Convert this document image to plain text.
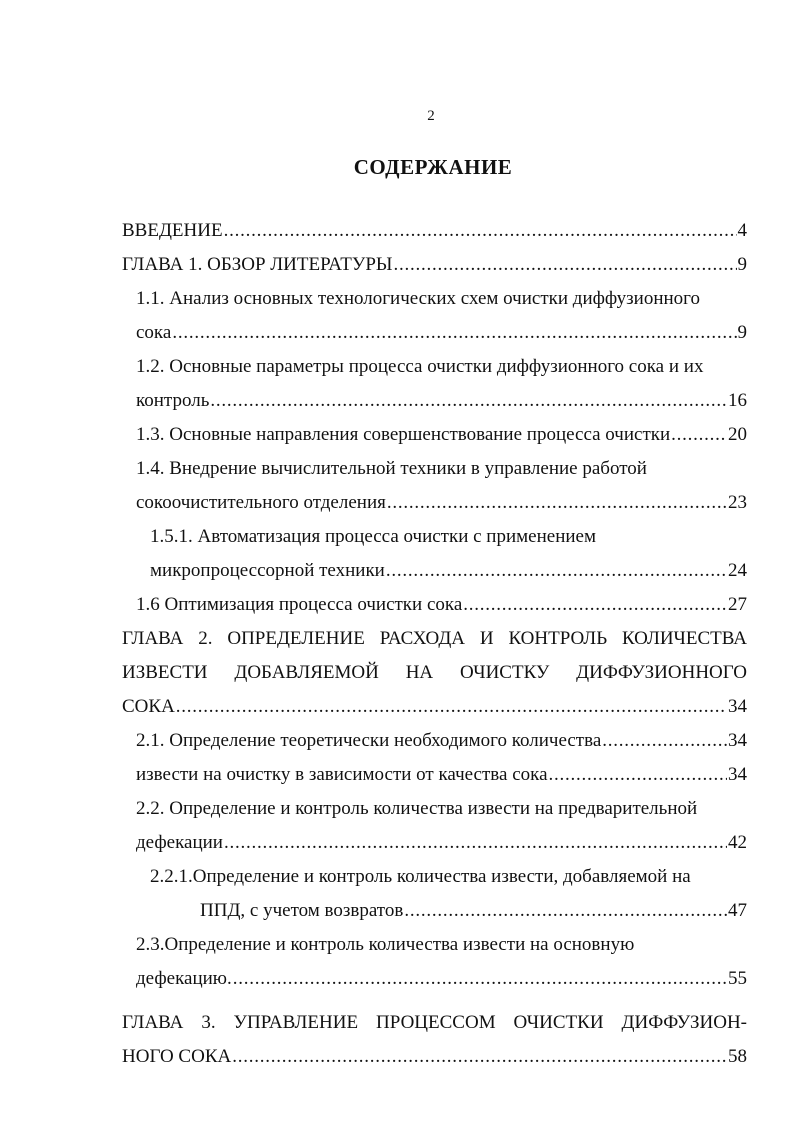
2
СОДЕРЖАНИЕ
ВВЕДЕНИЕ . . .	4
ГЛАВА 1. ОБЗОР ЛИТЕРАТУРЫ . . .	9
1.1. Анализ основных технологических схем очистки диффузионного
сока . . .	9
1.2. Основные параметры процесса очистки диффузионного сока и их
контроль . . .	16
1.3. Основные направления совершенствование процесса очистки . . .	20
1.4. Внедрение вычислительной техники в управление работой
сокоочистительного отделения . . .	23
1.5.1. Автоматизация процесса очистки с применением
микропроцессорной техники . . .	24
1.6 Оптимизация процесса очистки сока . . .	27
ГЛАВА 2. ОПРЕДЕЛЕНИЕ РАСХОДА И КОНТРОЛЬ КОЛИЧЕСТВА
ИЗВЕСТИ ДОБАВЛЯЕМОЙ НА ОЧИСТКУ ДИФФУЗИОННОГО
СОКА . . .	34
2.1. Определение теоретически необходимого количества . . .	34
извести на очистку в зависимости от качества сока . . .	34
2.2. Определение и контроль количества извести на предварительной
дефекации . . .	42
2.2.1.Определение и контроль количества извести, добавляемой на
ППД, с учетом возвратов . . .	47
2.3.Определение и контроль количества извести на основную
дефекацию. . . .	55
ГЛАВА 3. УПРАВЛЕНИЕ ПРОЦЕССОМ ОЧИСТКИ ДИФФУЗИОН-
НОГО СОКА . . .	58
